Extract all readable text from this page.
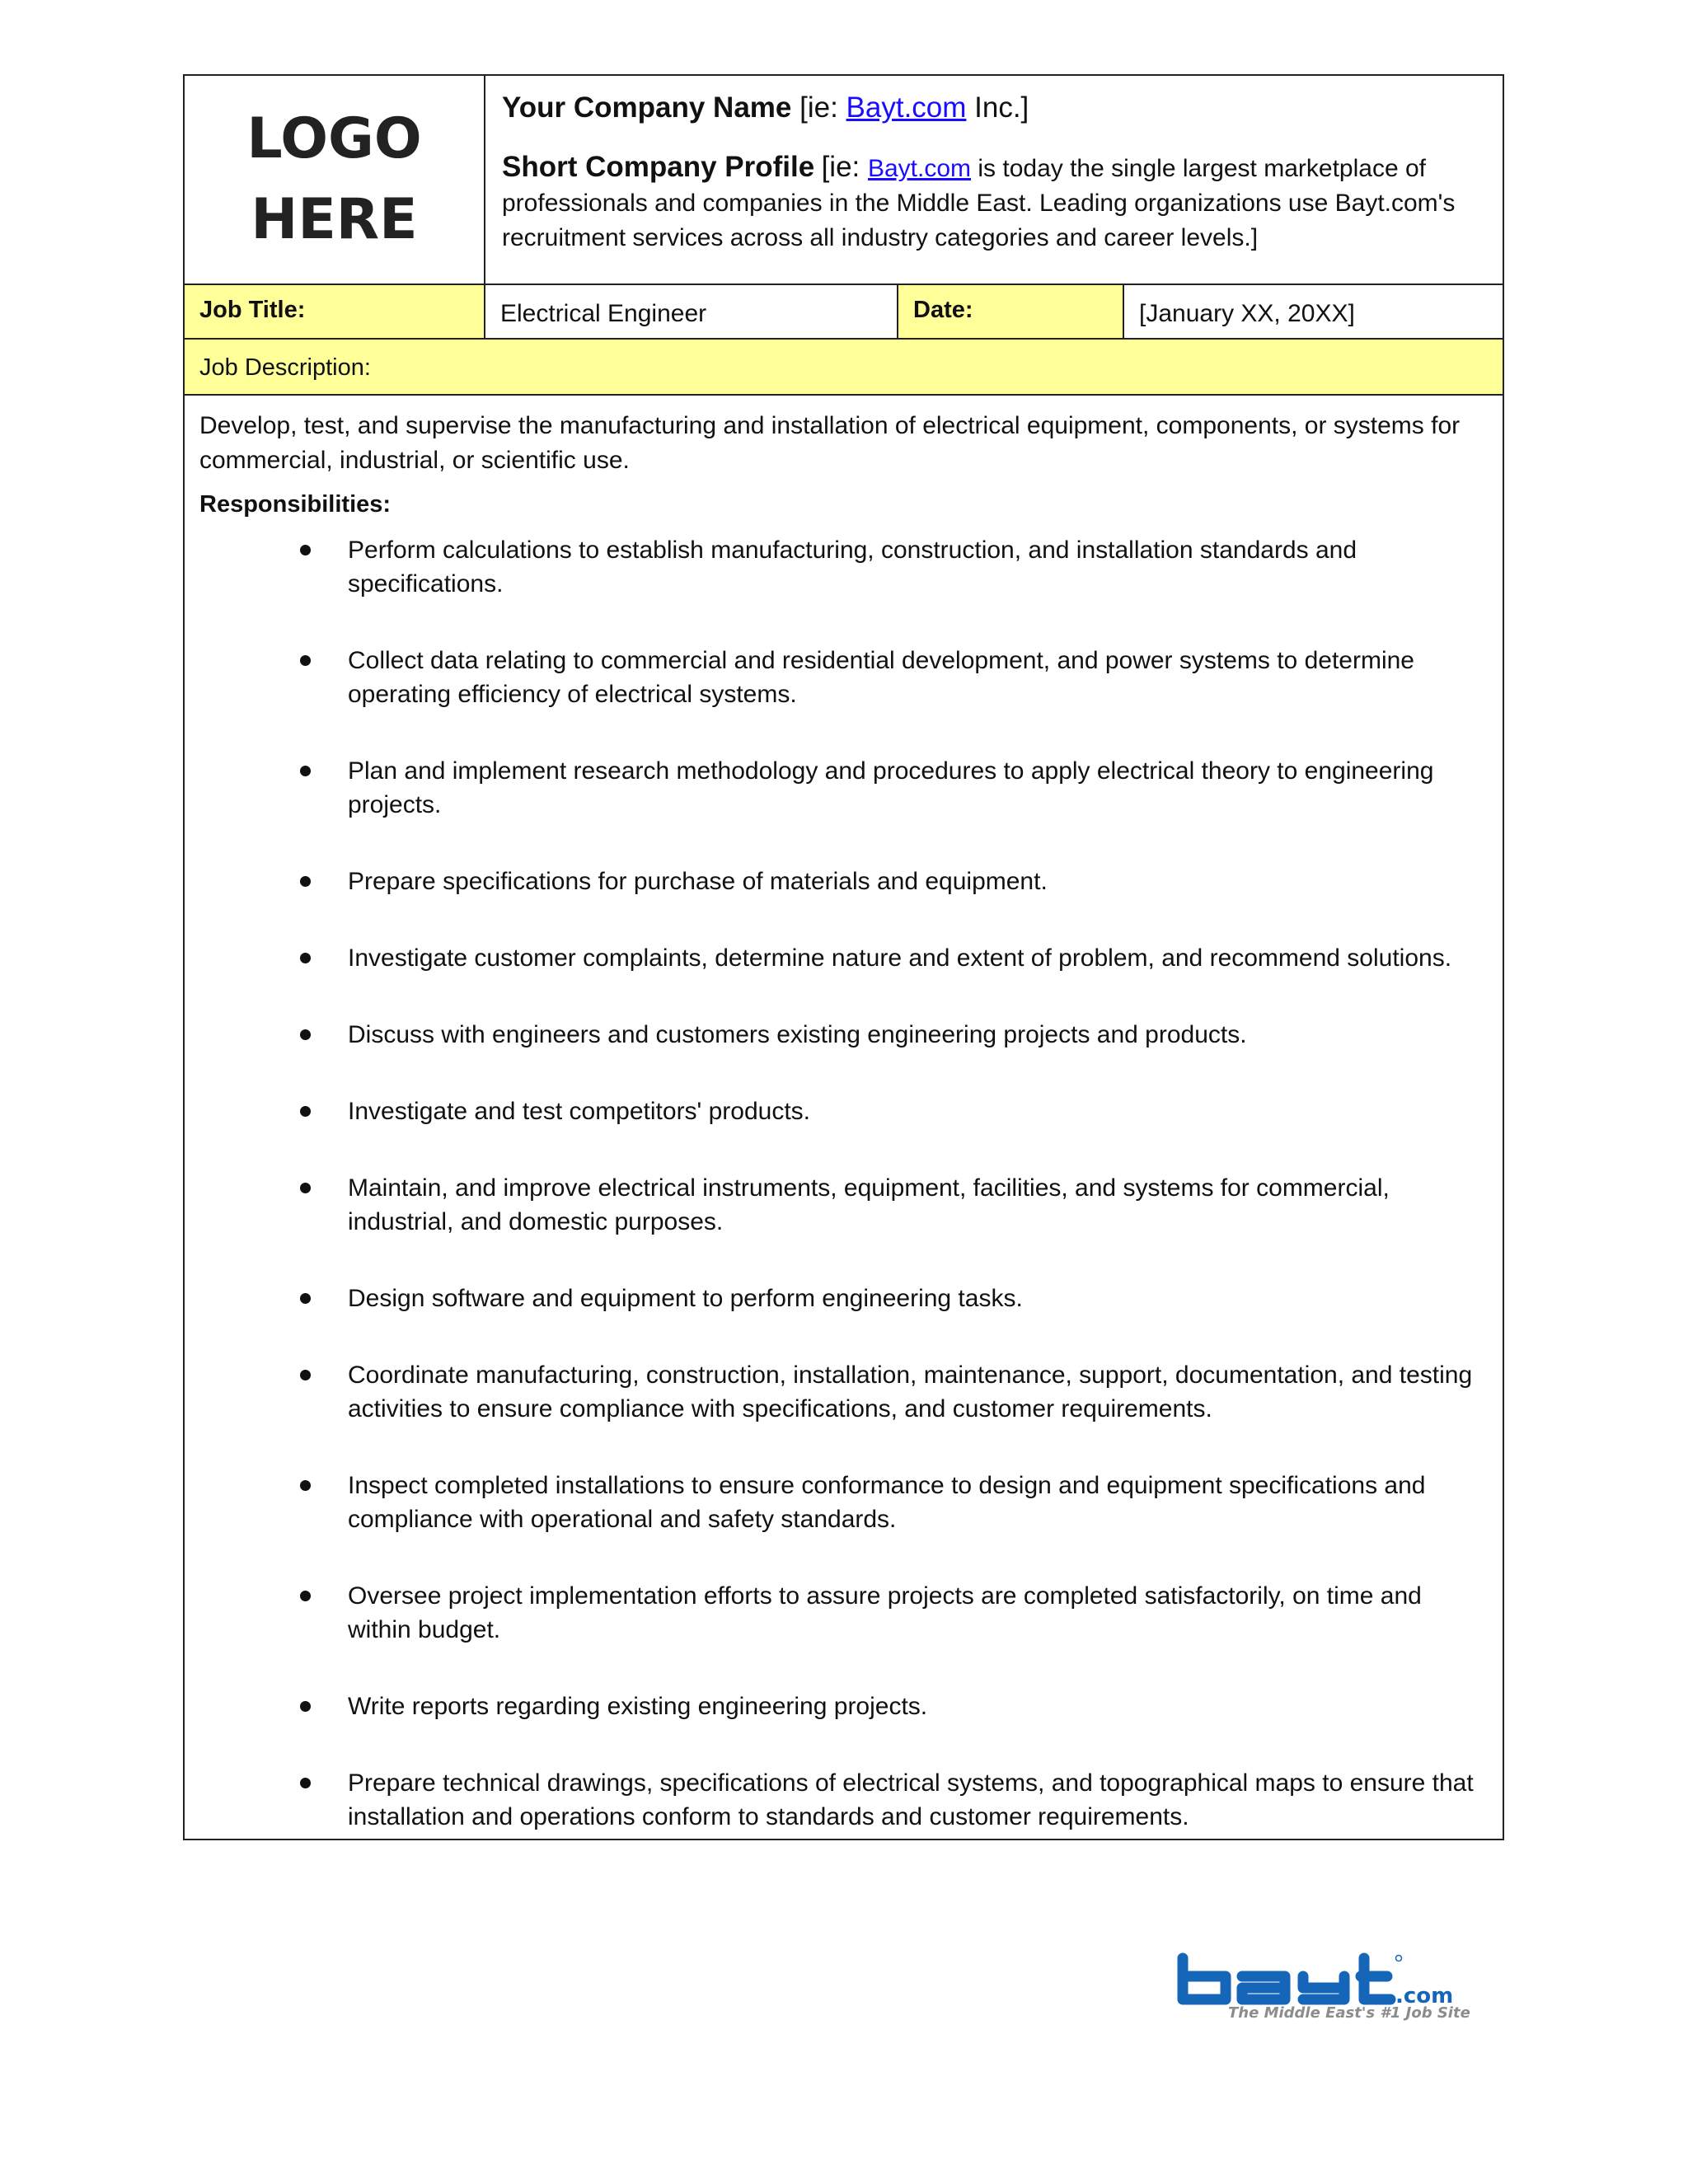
LOGO
HERE
Your Company Name [ie: Bayt.com Inc.]
Short Company Profile [ie: Bayt.com is today the single largest marketplace of professionals and companies in the Middle East. Leading organizations use Bayt.com's recruitment services across all industry categories and career levels.]
Job Title:	Electrical Engineer	Date:	[January XX, 20XX]
Job Description:

Develop, test, and supervise the manufacturing and installation of electrical equipment, components, or systems for commercial, industrial, or scientific use.

Responsibilities:
Perform calculations to establish manufacturing, construction, and installation standards and specifications.
Collect data relating to commercial and residential development, and power systems to determine operating efficiency of electrical systems.
Plan and implement research methodology and procedures to apply electrical theory to engineering projects.
Prepare specifications for purchase of materials and equipment.
Investigate customer complaints, determine nature and extent of problem, and recommend solutions.
Discuss with engineers and customers existing engineering projects and products.
Investigate and test competitors' products.
Maintain, and improve electrical instruments, equipment, facilities, and systems for commercial, industrial, and domestic purposes.
Design software and equipment to perform engineering tasks.
Coordinate manufacturing, construction, installation, maintenance, support, documentation, and testing activities to ensure compliance with specifications, and customer requirements.
Inspect completed installations to ensure conformance to design and equipment specifications and compliance with operational and safety standards.
Oversee project implementation efforts to assure projects are completed satisfactorily, on time and within budget.
Write reports regarding existing engineering projects.
Prepare technical drawings, specifications of electrical systems, and topographical maps to ensure that installation and operations conform to standards and customer requirements.
.com
The Middle East's #1 Job Site
